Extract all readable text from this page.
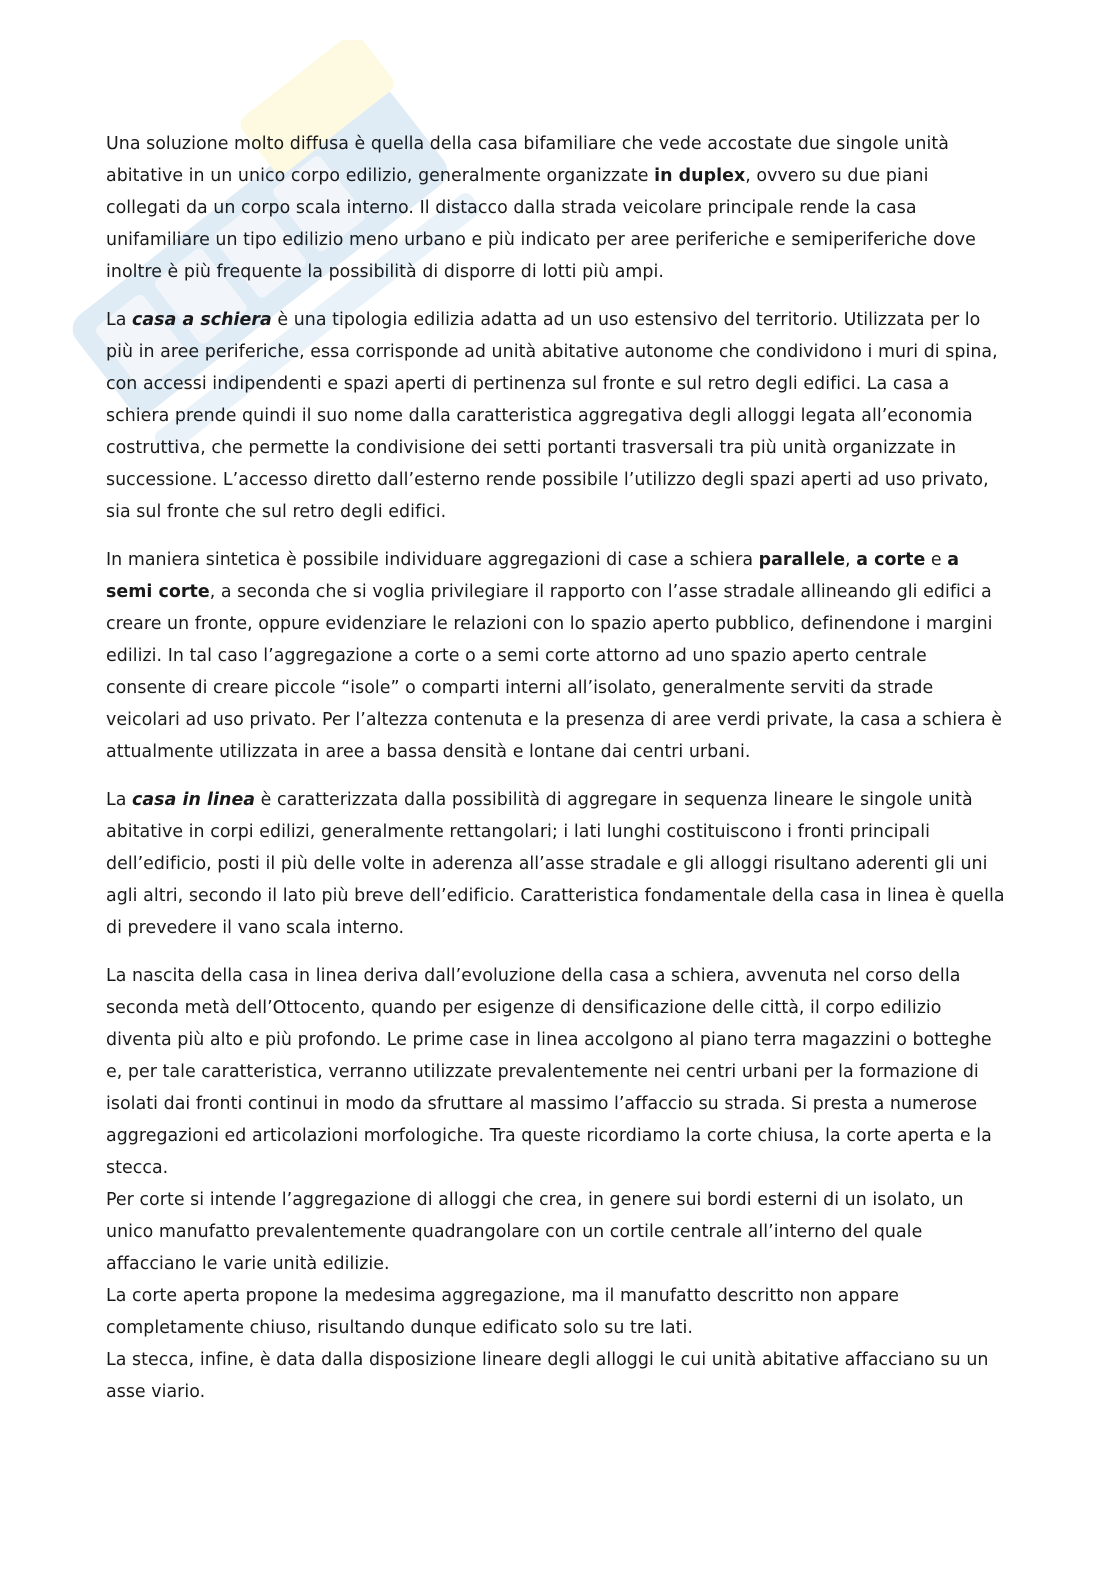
Una soluzione molto diffusa è quella della casa bifamiliare che vede accostate due singole unità abitative in un unico corpo edilizio, generalmente organizzate in duplex, ovvero su due piani collegati da un corpo scala interno. Il distacco dalla strada veicolare principale rende la casa unifamiliare un tipo edilizio meno urbano e più indicato per aree periferiche e semiperiferiche dove inoltre è più frequente la possibilità di disporre di lotti più ampi.

La casa a schiera è una tipologia edilizia adatta ad un uso estensivo del territorio. Utilizzata per lo più in aree periferiche, essa corrisponde ad unità abitative autonome che condividono i muri di spina, con accessi indipendenti e spazi aperti di pertinenza sul fronte e sul retro degli edifici. La casa a schiera prende quindi il suo nome dalla caratteristica aggregativa degli alloggi legata all’economia costruttiva, che permette la condivisione dei setti portanti trasversali tra più unità organizzate in successione. L’accesso diretto dall’esterno rende possibile l’utilizzo degli spazi aperti ad uso privato, sia sul fronte che sul retro degli edifici.

In maniera sintetica è possibile individuare aggregazioni di case a schiera parallele, a corte e a semi corte, a seconda che si voglia privilegiare il rapporto con l’asse stradale allineando gli edifici a creare un fronte, oppure evidenziare le relazioni con lo spazio aperto pubblico, definendone i margini edilizi. In tal caso l’aggregazione a corte o a semi corte attorno ad uno spazio aperto centrale consente di creare piccole “isole” o comparti interni all’isolato, generalmente serviti da strade veicolari ad uso privato. Per l’altezza contenuta e la presenza di aree verdi private, la casa a schiera è attualmente utilizzata in aree a bassa densità e lontane dai centri urbani.

La casa in linea è caratterizzata dalla possibilità di aggregare in sequenza lineare le singole unità abitative in corpi edilizi, generalmente rettangolari; i lati lunghi costituiscono i fronti principali dell’edificio, posti il più delle volte in aderenza all’asse stradale e gli alloggi risultano aderenti gli uni agli altri, secondo il lato più breve dell’edificio. Caratteristica fondamentale della casa in linea è quella di prevedere il vano scala interno.

La nascita della casa in linea deriva dall’evoluzione della casa a schiera, avvenuta nel corso della seconda metà dell’Ottocento, quando per esigenze di densificazione delle città, il corpo edilizio diventa più alto e più profondo. Le prime case in linea accolgono al piano terra magazzini o botteghe e, per tale caratteristica, verranno utilizzate prevalentemente nei centri urbani per la formazione di isolati dai fronti continui in modo da sfruttare al massimo l’affaccio su strada. Si presta a numerose aggregazioni ed articolazioni morfologiche. Tra queste ricordiamo la corte chiusa, la corte aperta e la stecca.

Per corte si intende l’aggregazione di alloggi che crea, in genere sui bordi esterni di un isolato, un unico manufatto prevalentemente quadrangolare con un cortile centrale all’interno del quale affacciano le varie unità edilizie.

La corte aperta propone la medesima aggregazione, ma il manufatto descritto non appare completamente chiuso, risultando dunque edificato solo su tre lati.

La stecca, infine, è data dalla disposizione lineare degli alloggi le cui unità abitative affacciano su un asse viario.
